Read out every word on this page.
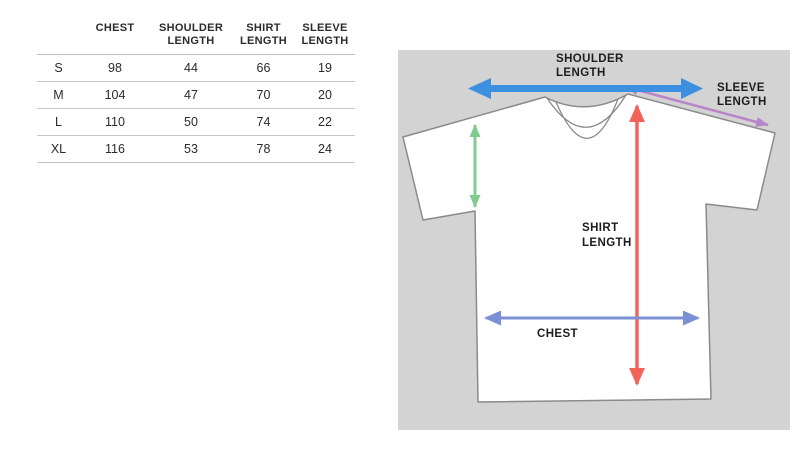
	CHEST	SHOULDER LENGTH	SHIRT LENGTH	SLEEVE LENGTH
S	98	44	66	19
M	104	47	70	20
L	110	50	74	22
XL	116	53	78	24
SHOULDER
LENGTH
SLEEVE
LENGTH
SHIRT
LENGTH
CHEST
